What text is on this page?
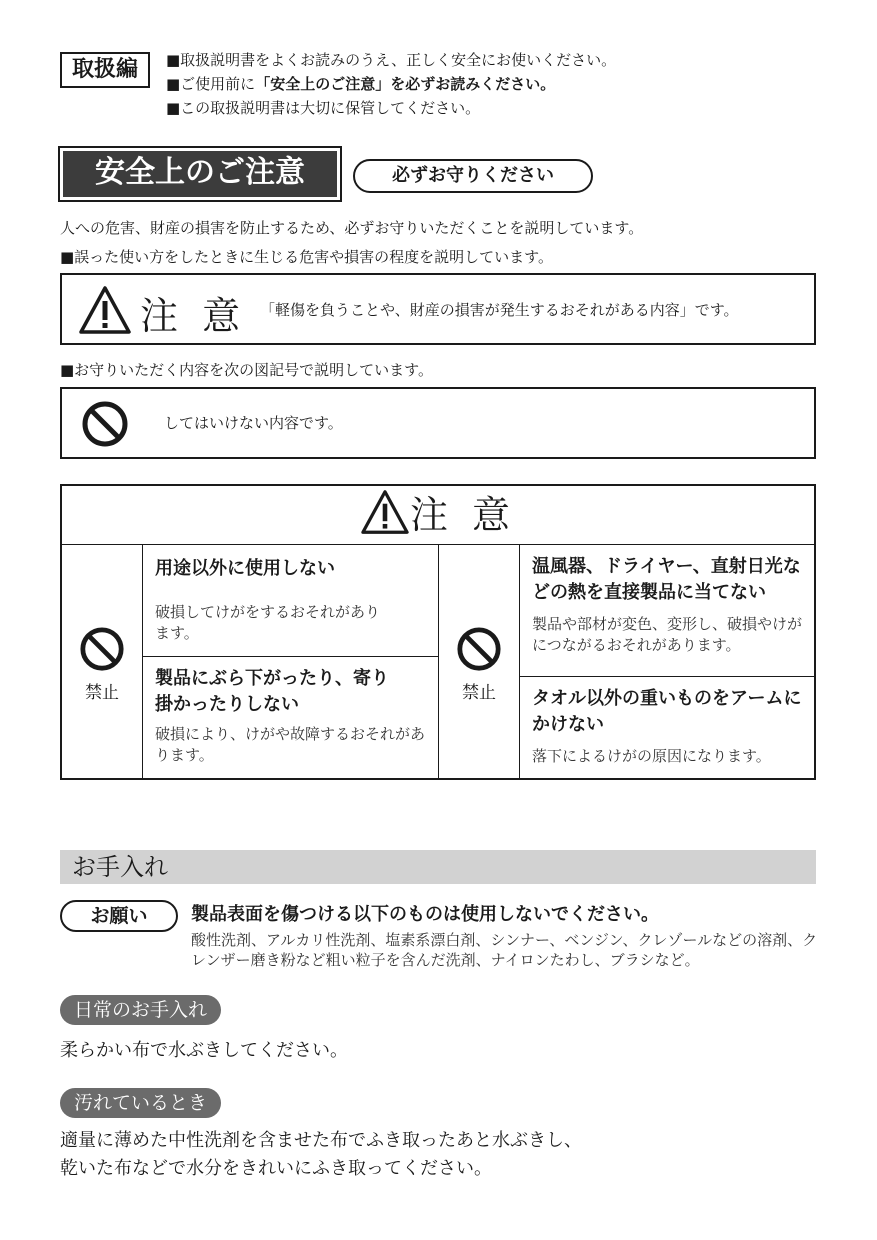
取扱編	■取扱説明書をよくお読みのうえ、正しく安全にお使いください。
■ご使用前に「安全上のご注意」を必ずお読みください。
■この取扱説明書は大切に保管してください。
安全上のご注意	必ずお守りください
人への危害、財産の損害を防止するため、必ずお守りいただくことを説明しています。
■誤った使い方をしたときに生じる危害や損害の程度を説明しています。
注 意 「軽傷を負うことや、財産の損害が発生するおそれがある内容」です。
■お守りいただく内容を次の図記号で説明しています。
してはいけない内容です。
注 意
禁止	禁止
用途以外に使用しない
破損してけがをするおそれがあります。
製品にぶら下がったり、寄り掛かったりしない
破損により、けがや故障するおそれがあります。
温風器、ドライヤー、直射日光などの熱を直接製品に当てない
製品や部材が変色、変形し、破損やけがにつながるおそれがあります。
タオル以外の重いものをアームにかけない
落下によるけがの原因になります。
お手入れ
お願い	製品表面を傷つける以下のものは使用しないでください。
酸性洗剤、アルカリ性洗剤、塩素系漂白剤、シンナー、ベンジン、クレゾールなどの溶剤、クレンザー磨き粉など粗い粒子を含んだ洗剤、ナイロンたわし、ブラシなど。
日常のお手入れ
柔らかい布で水ぶきしてください。
汚れているとき
適量に薄めた中性洗剤を含ませた布でふき取ったあと水ぶきし、
乾いた布などで水分をきれいにふき取ってください。
